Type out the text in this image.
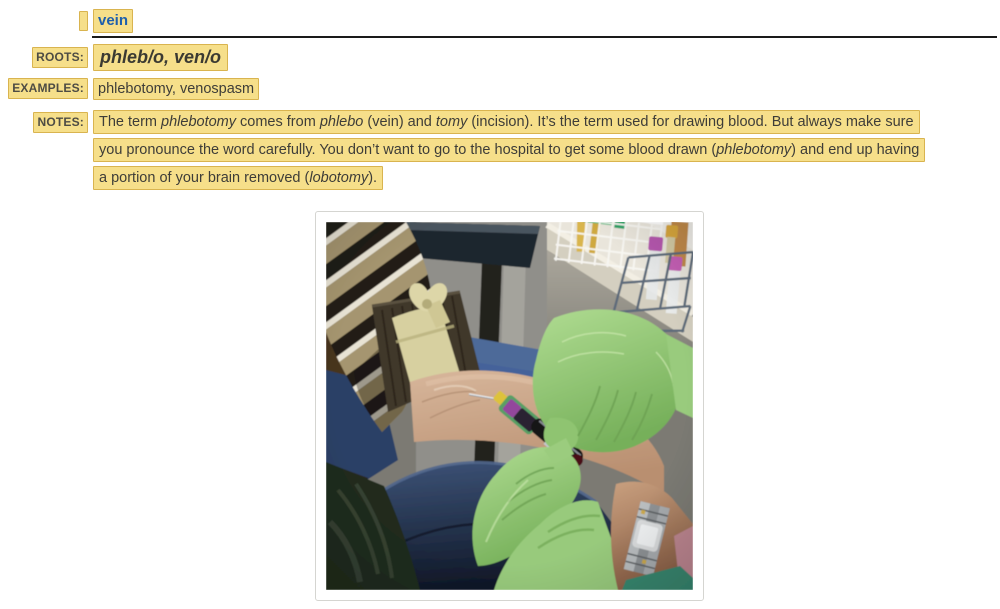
vein
ROOTS: phleb/o, ven/o
EXAMPLES: phlebotomy, venospasm
NOTES:	The term phlebotomy comes from phlebo (vein) and tomy (incision). It’s the term used for drawing blood. But always make sure
you pronounce the word carefully. You don’t want to go to the hospital to get some blood drawn (phlebotomy) and end up having
a portion of your brain removed (lobotomy).
